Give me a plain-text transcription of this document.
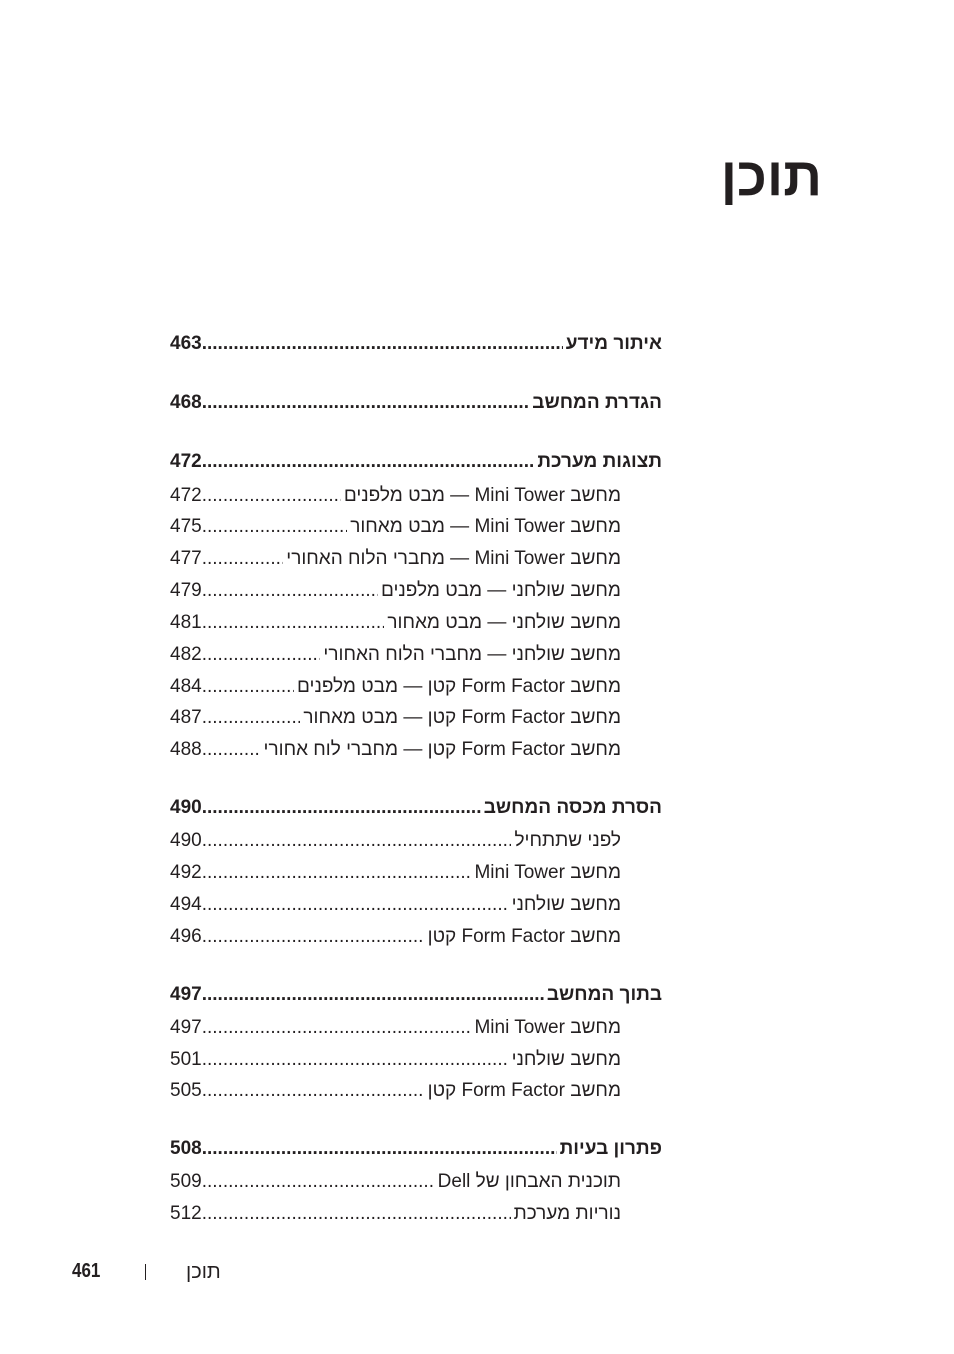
תוכן
איתור מידע
.....
463
הגדרת המחשב
.....
468
תצוגות מערכת
.....
472
מחשב Mini Tower — מבט מלפנים
.....
472
מחשב Mini Tower — מבט מאחור
.....
475
מחשב Mini Tower — מחברי הלוח האחורי
.....
477
מחשב שולחני — מבט מלפנים
.....
479
מחשב שולחני — מבט מאחור
.....
481
מחשב שולחני — מחברי הלוח האחורי
.....
482
מחשב Form Factor קטן — מבט מלפנים
.....
484
מחשב Form Factor קטן — מבט מאחור
.....
487
מחשב Form Factor קטן — מחברי לוח אחורי
.....
488
הסרת מכסה המחשב
.....
490
לפני שתתחיל
.....
490
מחשב Mini Tower
.....
492
מחשב שולחני
.....
494
מחשב Form Factor קטן
.....
496
בתוך המחשב
.....
497
מחשב Mini Tower
.....
497
מחשב שולחני
.....
501
מחשב Form Factor קטן
.....
505
פתרון בעיות
.....
508
תוכנית האבחון של Dell
.....
509
נוריות מערכת
.....
512
461	תוכן
